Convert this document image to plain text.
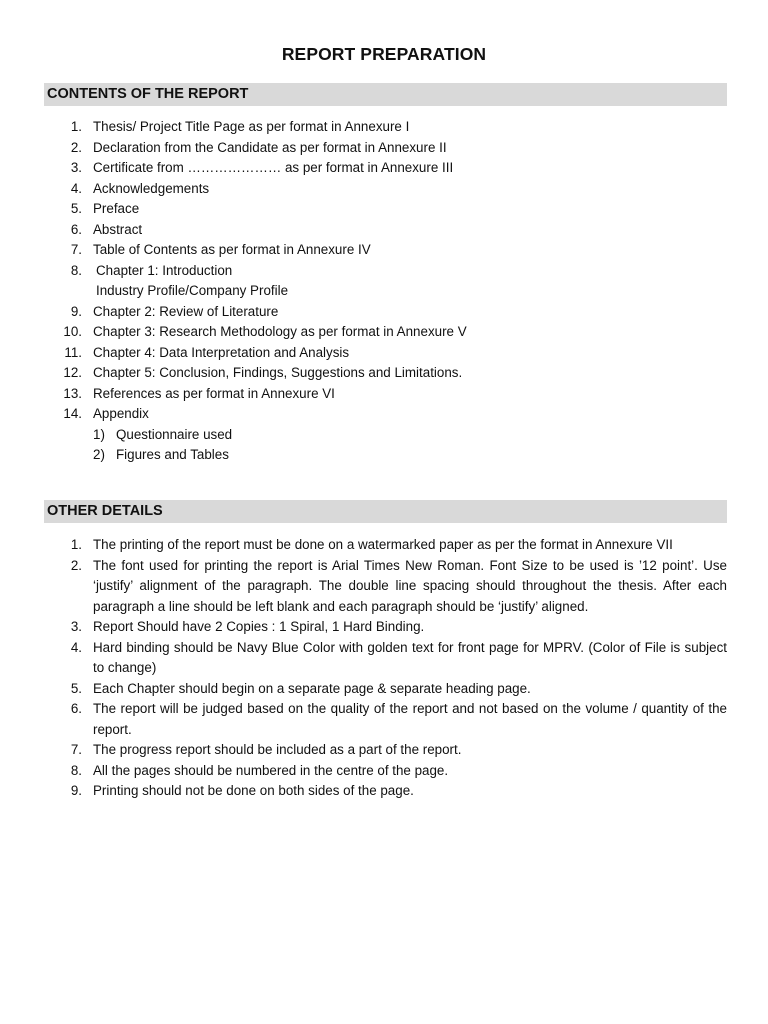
REPORT PREPARATION
CONTENTS OF THE REPORT
1. Thesis/ Project Title Page as per format in Annexure I
2. Declaration from the Candidate as per format in Annexure II
3. Certificate from ………………… as per format in Annexure III
4. Acknowledgements
5. Preface
6. Abstract
7. Table of Contents as per format in Annexure IV
8. Chapter 1: Introduction
Industry Profile/Company Profile
9. Chapter 2: Review of Literature
10. Chapter 3: Research Methodology as per format in Annexure V
11. Chapter 4: Data Interpretation and Analysis
12. Chapter 5: Conclusion, Findings, Suggestions and Limitations.
13. References as per format in Annexure VI
14. Appendix
1) Questionnaire used
2) Figures and Tables
OTHER DETAILS
1. The printing of the report must be done on a watermarked paper as per the format in Annexure VII
2. The font used for printing the report is Arial Times New Roman. Font Size to be used is ’12 point’. Use ‘justify’ alignment of the paragraph. The double line spacing should throughout the thesis. After each paragraph a line should be left blank and each paragraph should be ‘justify’ aligned.
3. Report Should have 2 Copies : 1 Spiral, 1 Hard Binding.
4. Hard binding should be Navy Blue Color with golden text for front page for MPRV. (Color of File is subject to change)
5. Each Chapter should begin on a separate page & separate heading page.
6. The report will be judged based on the quality of the report and not based on the volume / quantity of the report.
7. The progress report should be included as a part of the report.
8. All the pages should be numbered in the centre of the page.
9. Printing should not be done on both sides of the page.
